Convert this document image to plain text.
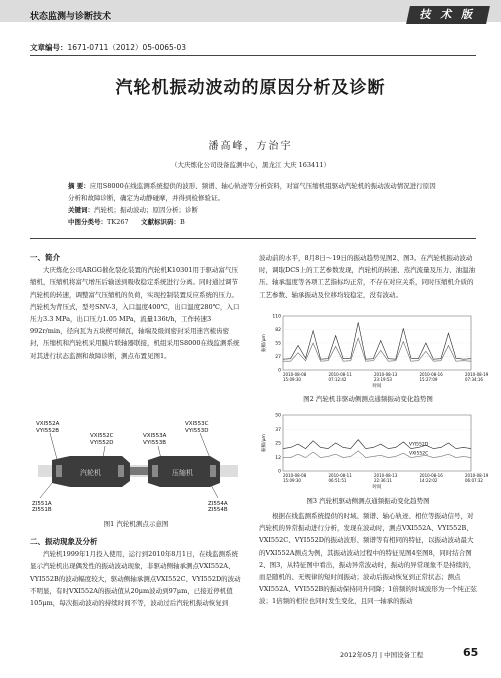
状态监测与诊断技术	技 术 版
文章编号：1671-0711（2012）05-0065-03
汽轮机振动波动的原因分析及诊断
潘高峰，方治宇
（大庆炼化公司设备监测中心，黑龙江 大庆 163411）

摘 要：应用S8000在线监测系统提供的波形、频谱、轴心轨迹等分析资料，对富气压缩机组驱动汽轮机的振动波动情况进行原因分析和故障诊断，确定为动静碰摩，并得到检修验证。

关键词：汽轮机；振动波动；原因分析；诊断

中图分类号：TK267 文献标识码：B

一、简介

大庆炼化公司ARGG催化裂化装置的汽轮机K10301用于驱动富气压缩机，压缩机将富气增压后输送到吸收稳定系统进行分离。同时通过调节汽轮机的转速，调整富气压缩机的负荷，实现控制装置反应系统的压力。汽轮机为背压式，型号SNV-3，入口温度400℃，出口温度280℃，入口压力3.3 MPa，出口压力1.05 MPa，流量136t/h，工作转速3 992r/min，径向瓦为五块楔可倾瓦，轴端及级间密封采用迷宫梳齿密封，压缩机和汽轮机采用膜片联轴器联接，机组采用S8000在线监测系统对其进行状态监测和故障诊断，测点布置见图1。

VXI552A
VYI552B
VXI552C
VYI552D
VXI553A
VYI553B
VXI553C
VYI553D
ZI551A
ZI551B
ZI554A
ZI554B
汽轮机	压缩机
图1 汽轮机测点示意图
二、振动现象及分析

汽轮机1999年1月投入使用，运行到2010年8月1日，在线监测系统显示汽轮机出现偶发性的振动波动现象，非驱动侧轴承测点VXI552A、VYI552B的波动幅度较大，驱动侧轴承测点VXI552C、VYI552D的波动不明显，有时VXI552A的振动值从20μm波动到97μm，已接近停机值105μm，每次振动波动的持续时间不等，波动过后汽轮机振动恢复到

波动前的水平，8月8日～19日的振动趋势见图2、图3。在汽轮机振动波动时，调取DCS上的工艺参数发现，汽轮机的转速、蒸汽流量及压力、油温油压、轴承温度等各项工艺指标均正常，不存在对应关系，同时压缩机介质的工艺参数、轴承振动及位移均较稳定，没有波动。

0
27
55
82
110
振幅/μm
2010-08-08
15:09:30
2010-08-11
07:12:42
2010-08-13
23:19:53
2010-08-16
15:27:09
2010-08-19
07:34:16
时间
图2 汽轮机非驱动侧测点通频振动变化趋势图
0
12
25
37
50
振幅/μm
2010-08-08
15:09:30
2010-08-11
06:51:51
2010-08-13
22:36:11
2010-08-16
14:22:02
2010-08-19
06:07:32
时间
VYI552D
VXI552C
图3 汽轮机驱动侧测点通频振动变化趋势图

根据在线监测系统提供的时域、频谱、轴心轨迹、相位等振动信号，对汽轮机的异常振动进行分析，发现在波动时，测点VXI552A、VYI552B、VXI552C、VYI552D的振动波形、频谱等有相同的特征，以振动波动最大的VXI552A测点为例，其振动波动过程中的特征见图4至图8，同时结合图2、图3，从特征图中看出，振动异常波动时，振动的异常现象不是持续的，而是随机的、无规律的短时间振动；波动后振动恢复到正常状态；测点VXI552A、VYI552B的振动保持同升同降；1倍频的时域波形为一个纯正弦波；1倍频的相位也同时发生变化，且同一轴承的振动

2012年05月 | 中国设备工程	65
